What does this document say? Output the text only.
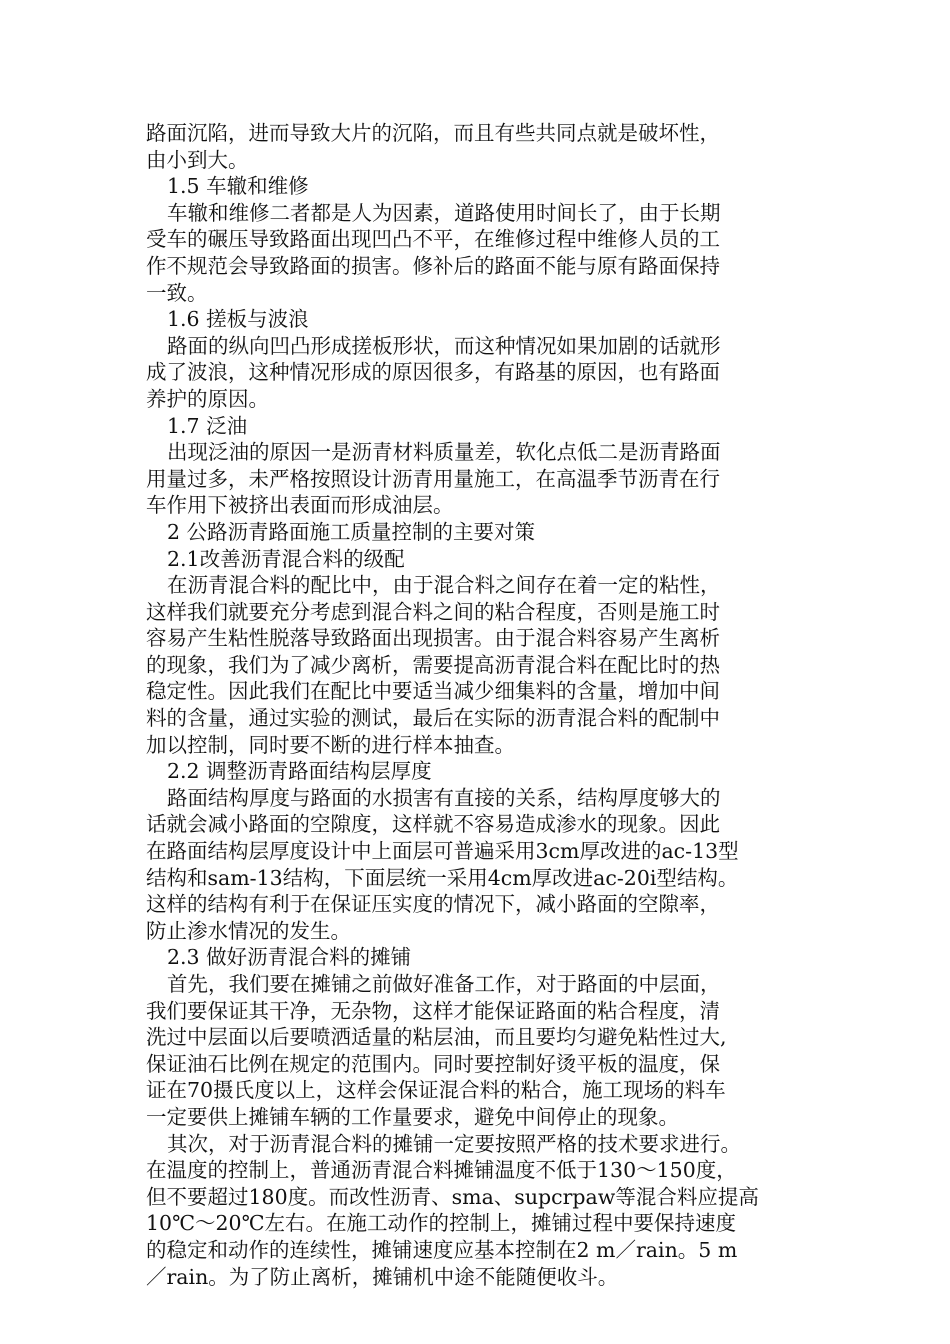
路面沉陷，进而导致大片的沉陷，而且有些共同点就是破坏性，
由小到大。
1.5 车辙和维修
车辙和维修二者都是人为因素，道路使用时间长了，由于长期
受车的碾压导致路面出现凹凸不平，在维修过程中维修人员的工
作不规范会导致路面的损害。修补后的路面不能与原有路面保持
一致。
1.6 搓板与波浪
路面的纵向凹凸形成搓板形状，而这种情况如果加剧的话就形
成了波浪，这种情况形成的原因很多，有路基的原因，也有路面
养护的原因。
1.7 泛油
出现泛油的原因一是沥青材料质量差，软化点低二是沥青路面
用量过多，未严格按照设计沥青用量施工，在高温季节沥青在行
车作用下被挤出表面而形成油层。
2 公路沥青路面施工质量控制的主要对策
2.1改善沥青混合料的级配
在沥青混合料的配比中，由于混合料之间存在着一定的粘性，
这样我们就要充分考虑到混合料之间的粘合程度，否则是施工时
容易产生粘性脱落导致路面出现损害。由于混合料容易产生离析
的现象，我们为了减少离析，需要提高沥青混合料在配比时的热
稳定性。因此我们在配比中要适当减少细集料的含量，增加中间
料的含量，通过实验的测试，最后在实际的沥青混合料的配制中
加以控制，同时要不断的进行样本抽查。
2.2 调整沥青路面结构层厚度
路面结构厚度与路面的水损害有直接的关系，结构厚度够大的
话就会减小路面的空隙度，这样就不容易造成渗水的现象。因此
在路面结构层厚度设计中上面层可普遍采用3cm厚改进的ac-13型
结构和sam-13结构，下面层统一采用4cm厚改进ac-20i型结构。
这样的结构有利于在保证压实度的情况下，减小路面的空隙率，
防止渗水情况的发生。
2.3 做好沥青混合料的摊铺
首先，我们要在摊铺之前做好准备工作，对于路面的中层面，
我们要保证其干净，无杂物，这样才能保证路面的粘合程度，清
洗过中层面以后要喷洒适量的粘层油，而且要均匀避免粘性过大,
保证油石比例在规定的范围内。同时要控制好烫平板的温度，保
证在70摄氏度以上，这样会保证混合料的粘合，施工现场的料车
一定要供上摊铺车辆的工作量要求，避免中间停止的现象。
其次，对于沥青混合料的摊铺一定要按照严格的技术要求进行。
在温度的控制上，普通沥青混合料摊铺温度不低于130～150度，
但不要超过180度。而改性沥青、sma、supcrpaw等混合料应提高
10℃～20℃左右。在施工动作的控制上，摊铺过程中要保持速度
的稳定和动作的连续性，摊铺速度应基本控制在2 m／rain。5 m
／rain。为了防止离析，摊铺机中途不能随便收斗。
